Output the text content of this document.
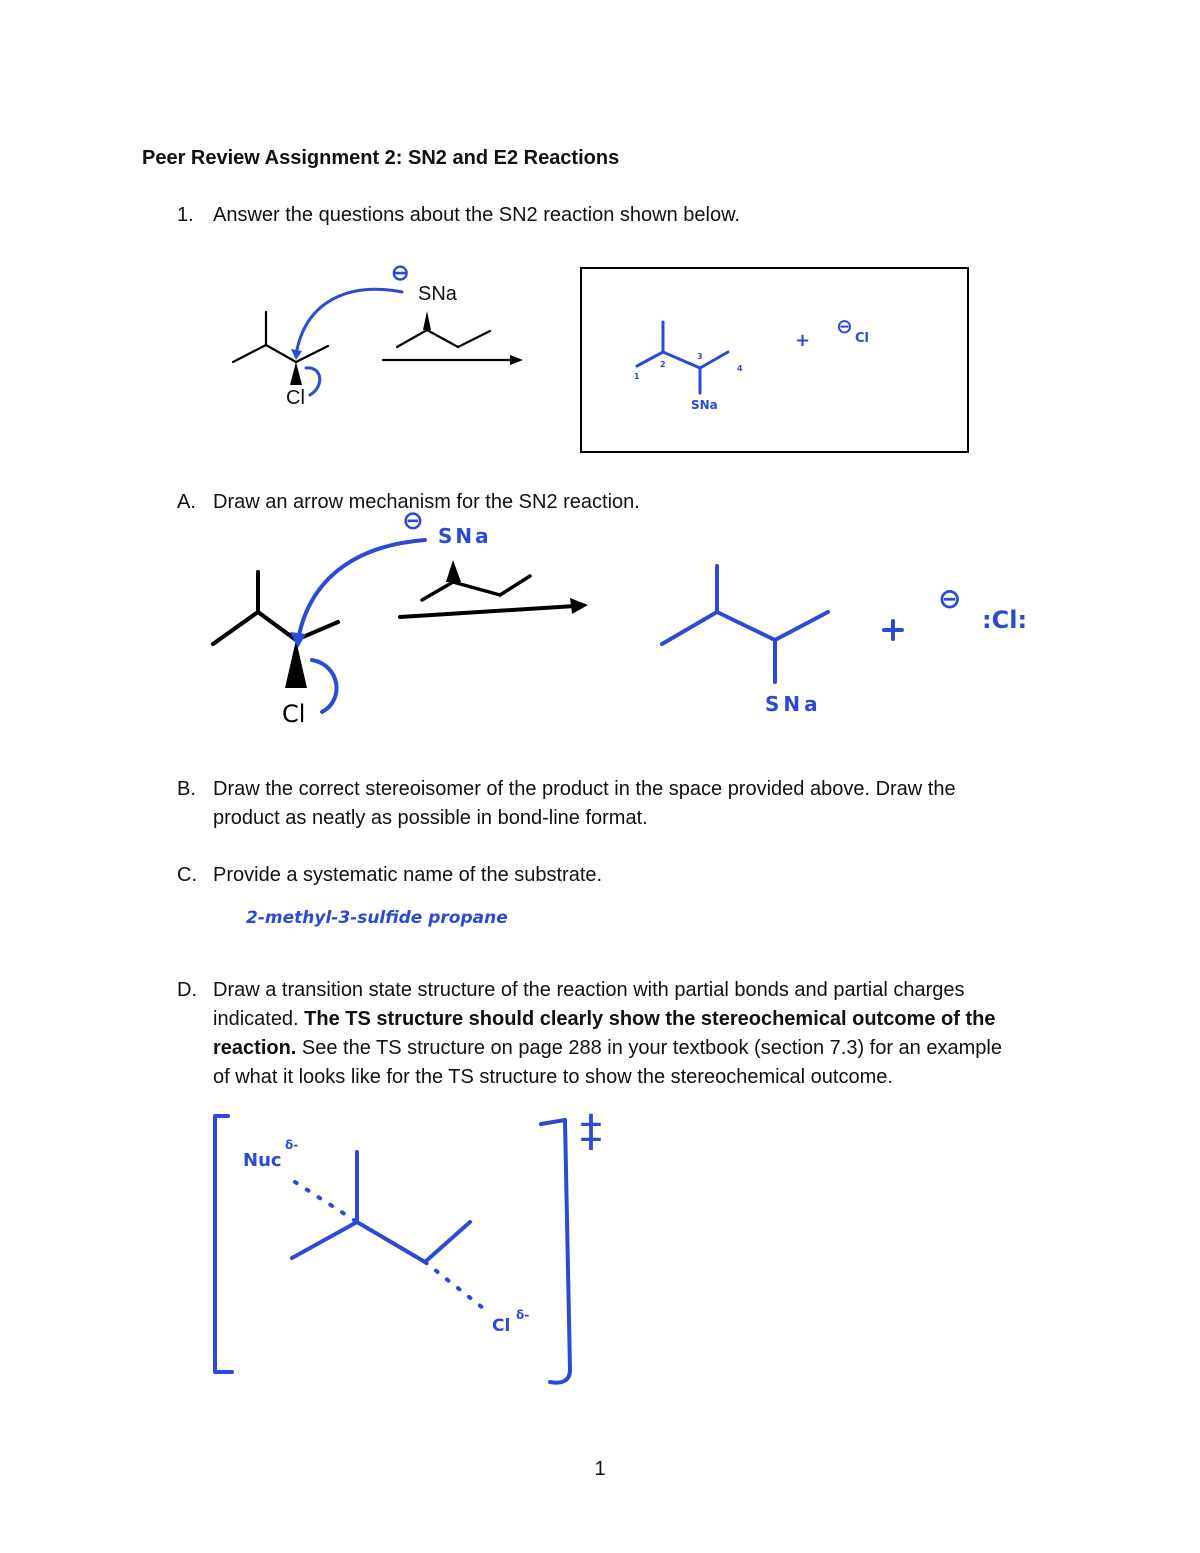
Peer Review Assignment 2: SN2 and E2 Reactions
1. Answer the questions about the SN2 reaction shown below.
⊖
SNa
Cl	SNa
+
⊖
Cl
1
2
3
4
A. Draw an arrow mechanism for the SN2 reaction.
⊖ SNa
Cl	SNa
⊖
:Cl:
B. Draw the correct stereoisomer of the product in the space provided above. Draw the
product as neatly as possible in bond-line format.
C. Provide a systematic name of the substrate.
2-methyl-3-sulfide propane
D. Draw a transition state structure of the reaction with partial bonds and partial charges
indicated. The TS structure should clearly show the stereochemical outcome of the
reaction. See the TS structure on page 288 in your textbook (section 7.3) for an example
of what it looks like for the TS structure to show the stereochemical outcome.
Nuc
δ-
Cl
δ-
‡
1
